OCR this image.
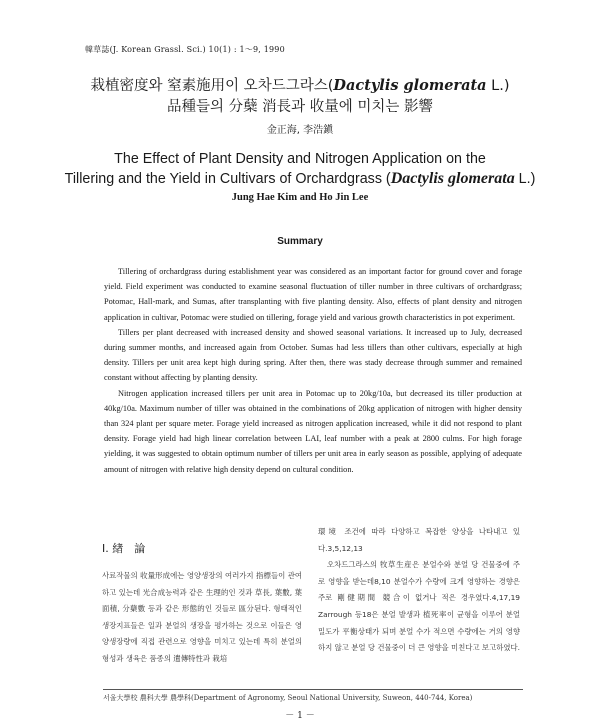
韓草誌(J. Korean Grassl. Sci.) 10(1) : 1～9, 1990
栽植密度와 窒素施用이 오차드그라스(Dactylis glomerata L.)
品種들의 分蘖 消長과 收量에 미치는 影響
金正海, 李浩鎭
The Effect of Plant Density and Nitrogen Application on the
Tillering and the Yield in Cultivars of Orchardgrass (Dactylis glomerata L.)
Jung Hae Kim and Ho Jin Lee
Summary

Tillering of orchardgrass during establishment year was considered as an important factor for ground cover and forage yield. Field experiment was conducted to examine seasonal fluctuation of tiller number in three cultivars of orchardgrass; Potomac, Hall-mark, and Sumas, after transplanting with five planting density. Also, effects of plant density and nitrogen application in cultivar, Potomac were studied on tillering, forage yield and various growth characteristics in pot experiment.

Tillers per plant decreased with increased density and showed seasonal variations. It increased up to July, decreased during summer months, and increased again from October. Sumas had less tillers than other cultivars, especially at high density. Tillers per unit area kept high during spring. After then, there was stady decrease through summer and remained constant without affecting by planting density.

Nitrogen application increased tillers per unit area in Potomac up to 20kg/10a, but decreased its tiller production at 40kg/10a. Maximum number of tiller was obtained in the combinations of 20kg application of nitrogen with higher density than 324 plant per square meter. Forage yield increased as nitrogen application increased, while it did not respond to plant density. Forage yield had high linear correlation between LAI, leaf number with a peak at 2800 culms. For high forage yielding, it was suggested to obtain optimum number of tillers per unit area in early season as possible, applying of adequate amount of nitrogen with relative high density depend on cultural condition.

I. 緖　論

사료작물의 收量形成에는 영양생장의 여러가지 指標들이 관여하고 있는데 光合成능력과 같은 生理的인 것과 草長, 葉數, 葉面積, 分蘖數 등과 같은 形態的인 것들로 區分된다. 형태적인 생장지표들은 일과 분얼의 생장을 평가하는 것으로 이들은 영양생장량에 직접 관련으로 영향을 미치고 있는데 특히 분얼의 형성과 생육은 품종의 遺傳特性과 栽培

環境 조건에 따라 다양하고 복잡한 양상을 나타내고 있다.3,5,12,13

오차드그라스의 牧草生産은 분얼수와 분얼 당 건물중에 주로 영향을 받는데8,10 분얼수가 수량에 크게 영향하는 경향은 주로 剛健期間 競合이 없거나 적은 경우였다.4,17,19 Zarrough 등18은 분얼 발생과 植死率이 균형을 이루어 분얼밀도가 平衡상태가 되며 분얼 수가 적으면 수량에는 거의 영향하지 않고 분얼 당 건물중이 더 큰 영향을 미친다고 보고하였다.

서울大學校 農科大學 農學科(Department of Agronomy, Seoul National University, Suweon, 440-744, Korea)
－ 1 －
